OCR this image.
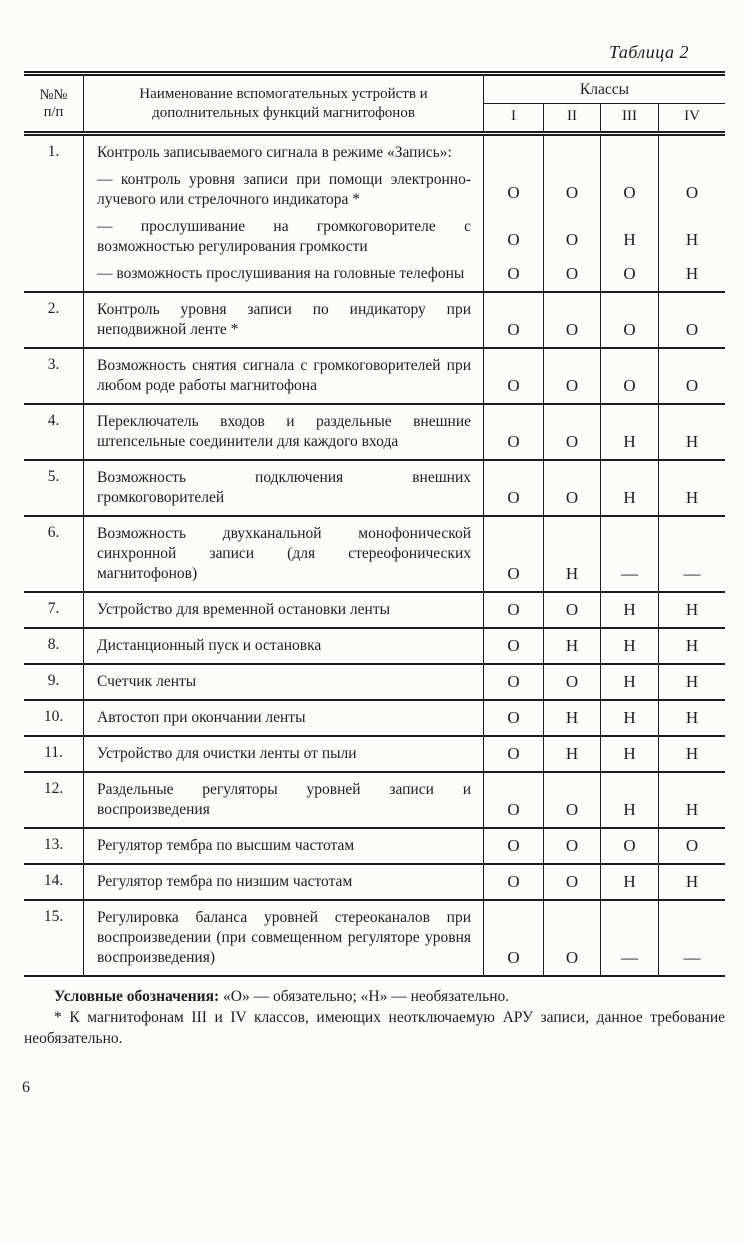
Таблица 2
№№
п/п
Наименование вспомогательных устройств и дополнительных функций магнитофонов
Классы
I	II	III	IV
1.	Контроль записываемого сигнала в режиме «Запись»:
— контроль уровня записи при помощи электронно-лучевого или стрелочного индикатора *	О	О	О	О
— прослушивание на громкоговорителе с возможностью регулирования громкости	О	О	Н	Н
— возможность прослушивания на головные телефоны	О	О	О	Н
2.	Контроль уровня записи по индикатору при неподвижной ленте *	О	О	О	О
3.	Возможность снятия сигнала с громкоговорителей при любом роде работы магнитофона	О	О	О	О
4.	Переключатель входов и раздельные внешние штепсельные соединители для каждого входа	О	О	Н	Н
5.	Возможность подключения внешних громкоговорителей	О	О	Н	Н
6.	Возможность двухканальной монофонической синхронной записи (для стереофонических магнитофонов)	О	Н	—	—
7.	Устройство для временной остановки ленты	О	О	Н	Н
8.	Дистанционный пуск и остановка	О	Н	Н	Н
9.	Счетчик ленты	О	О	Н	Н
10.	Автостоп при окончании ленты	О	Н	Н	Н
11.	Устройство для очистки ленты от пыли	О	Н	Н	Н
12.	Раздельные регуляторы уровней записи и воспроизведения	О	О	Н	Н
13.	Регулятор тембра по высшим частотам	О	О	О	О
14.	Регулятор тембра по низшим частотам	О	О	Н	Н
15.	Регулировка баланса уровней стереоканалов при воспроизведении (при совмещенном регуляторе уровня воспроизведения)	О	О	—	—

Условные обозначения: «О» — обязательно; «Н» — необязательно.

* К магнитофонам III и IV классов, имеющих неотключаемую АРУ записи, данное требование необязательно.

6
